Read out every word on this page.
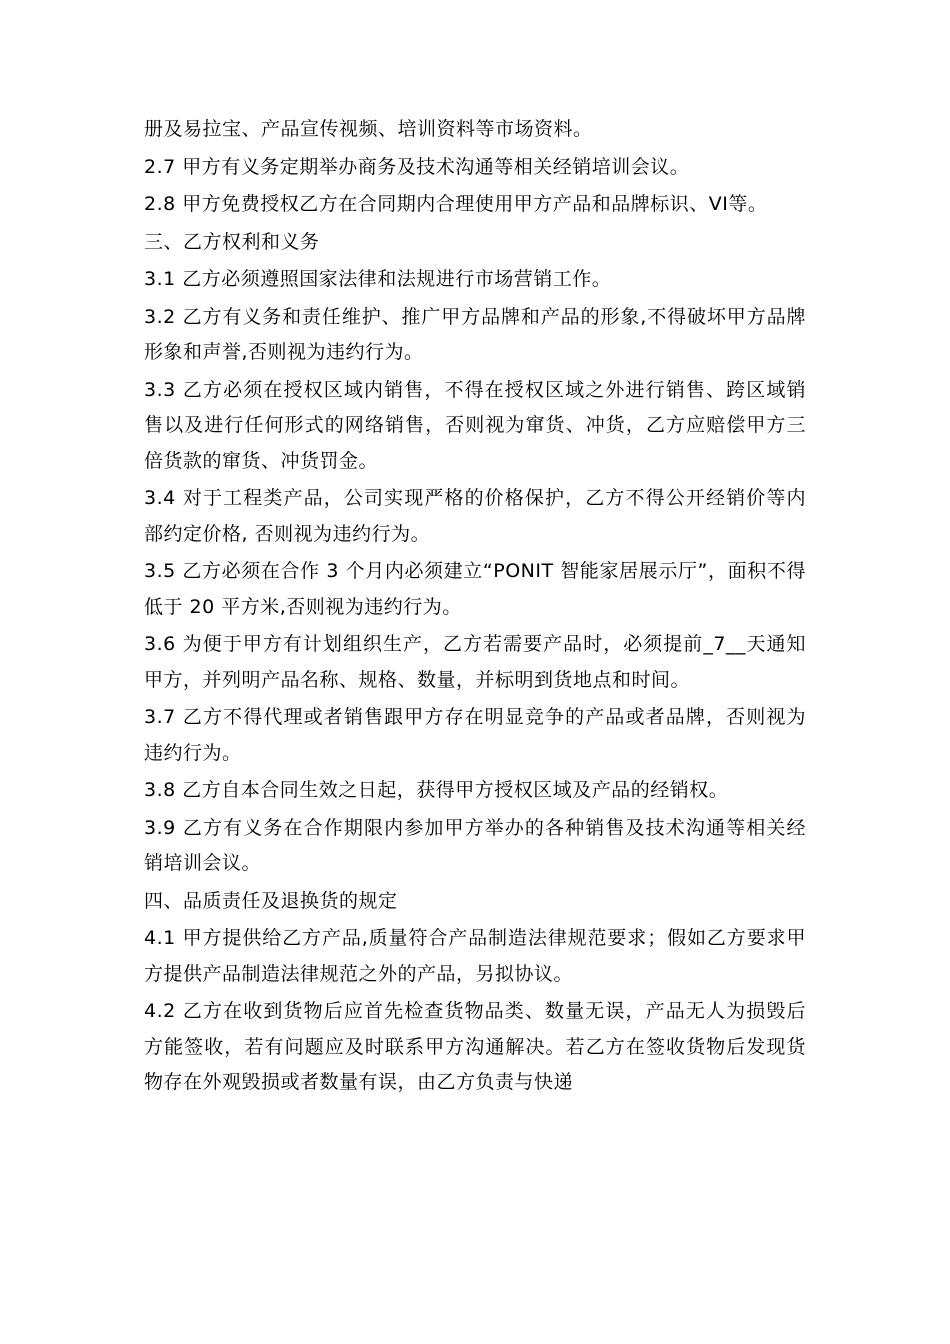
册及易拉宝、产品宣传视频、培训资料等市场资料。

2.7 甲方有义务定期举办商务及技术沟通等相关经销培训会议。

2.8 甲方免费授权乙方在合同期内合理使用甲方产品和品牌标识、VI等。

三、乙方权利和义务

3.1 乙方必须遵照国家法律和法规进行市场营销工作。

3.2 乙方有义务和责任维护、推广甲方品牌和产品的形象,不得破坏甲方品牌形象和声誉,否则视为违约行为。

3.3 乙方必须在授权区域内销售，不得在授权区域之外进行销售、跨区域销售以及进行任何形式的网络销售，否则视为窜货、冲货，乙方应赔偿甲方三倍货款的窜货、冲货罚金。

3.4 对于工程类产品，公司实现严格的价格保护，乙方不得公开经销价等内部约定价格, 否则视为违约行为。

3.5 乙方必须在合作 3 个月内必须建立“PONIT 智能家居展示厅”，面积不得低于 20 平方米,否则视为违约行为。

3.6 为便于甲方有计划组织生产，乙方若需要产品时，必须提前_7__天通知甲方，并列明产品名称、规格、数量，并标明到货地点和时间。

3.7 乙方不得代理或者销售跟甲方存在明显竞争的产品或者品牌，否则视为违约行为。

3.8 乙方自本合同生效之日起，获得甲方授权区域及产品的经销权。

3.9 乙方有义务在合作期限内参加甲方举办的各种销售及技术沟通等相关经销培训会议。

四、品质责任及退换货的规定

4.1 甲方提供给乙方产品,质量符合产品制造法律规范要求；假如乙方要求甲方提供产品制造法律规范之外的产品，另拟协议。

4.2 乙方在收到货物后应首先检查货物品类、数量无误，产品无人为损毁后方能签收，若有问题应及时联系甲方沟通解决。若乙方在签收货物后发现货物存在外观毁损或者数量有误，由乙方负责与快递
